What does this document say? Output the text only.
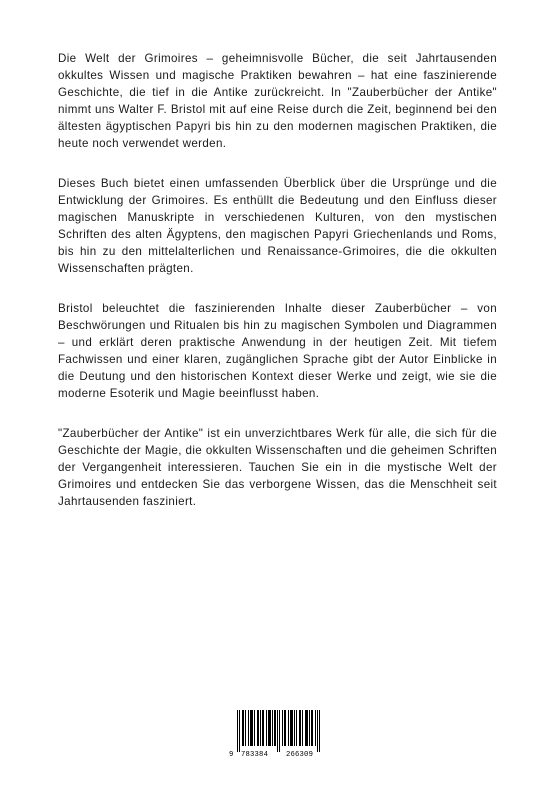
Die Welt der Grimoires – geheimnisvolle Bücher, die seit Jahrtausenden okkultes Wissen und magische Praktiken bewahren – hat eine faszinierende Geschichte, die tief in die Antike zurückreicht. In "Zauberbücher der Antike" nimmt uns Walter F. Bristol mit auf eine Reise durch die Zeit, beginnend bei den ältesten ägyptischen Papyri bis hin zu den modernen magischen Praktiken, die heute noch verwendet werden.

Dieses Buch bietet einen umfassenden Überblick über die Ursprünge und die Entwicklung der Grimoires. Es enthüllt die Bedeutung und den Einfluss dieser magischen Manuskripte in verschiedenen Kulturen, von den mystischen Schriften des alten Ägyptens, den magischen Papyri Griechenlands und Roms, bis hin zu den mittelalterlichen und Renaissance-Grimoires, die die okkulten Wissenschaften prägten.

Bristol beleuchtet die faszinierenden Inhalte dieser Zauberbücher – von Beschwörungen und Ritualen bis hin zu magischen Symbolen und Diagrammen – und erklärt deren praktische Anwendung in der heutigen Zeit. Mit tiefem Fachwissen und einer klaren, zugänglichen Sprache gibt der Autor Einblicke in die Deutung und den historischen Kontext dieser Werke und zeigt, wie sie die moderne Esoterik und Magie beeinflusst haben.

"Zauberbücher der Antike" ist ein unverzichtbares Werk für alle, die sich für die Geschichte der Magie, die okkulten Wissenschaften und die geheimen Schriften der Vergangenheit interessieren. Tauchen Sie ein in die mystische Welt der Grimoires und entdecken Sie das verborgene Wissen, das die Menschheit seit Jahrtausenden fasziniert.

9 783384 266309
